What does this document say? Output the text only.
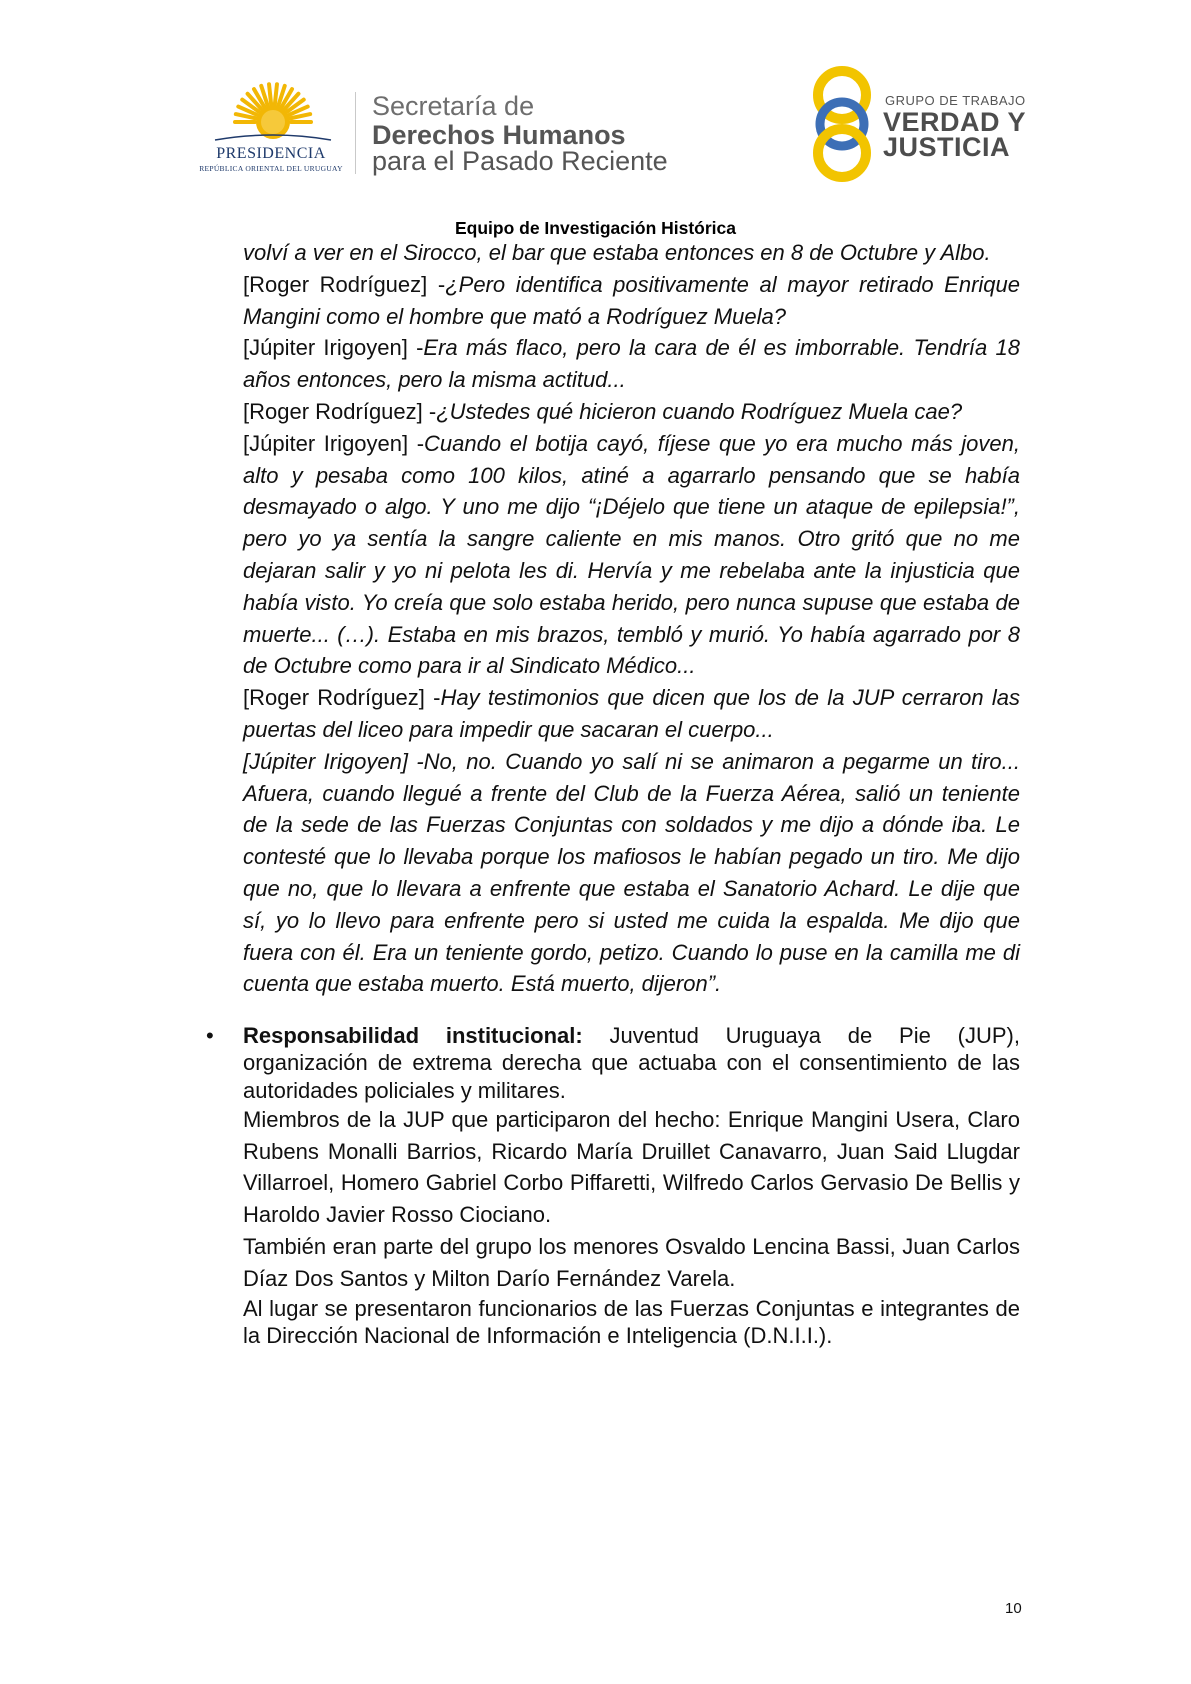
PRESIDENCIA
REPÚBLICA ORIENTAL DEL URUGUAY
Secretaría de
Derechos Humanos
para el Pasado Reciente
GRUPO DE TRABAJO
VERDAD Y
JUSTICIA
Equipo de Investigación Histórica

volví a ver en el Sirocco, el bar que estaba entonces en 8 de Octubre y Albo.

[Roger Rodríguez] -¿Pero identifica positivamente al mayor retirado Enrique Mangini como el hombre que mató a Rodríguez Muela?

[Júpiter Irigoyen] -Era más flaco, pero la cara de él es imborrable. Tendría 18 años entonces, pero la misma actitud...

[Roger Rodríguez] -¿Ustedes qué hicieron cuando Rodríguez Muela cae?

[Júpiter Irigoyen] -Cuando el botija cayó, fíjese que yo era mucho más joven, alto y pesaba como 100 kilos, atiné a agarrarlo pensando que se había desmayado o algo. Y uno me dijo “¡Déjelo que tiene un ataque de epilepsia!”, pero yo ya sentía la sangre caliente en mis manos. Otro gritó que no me dejaran salir y yo ni pelota les di. Hervía y me rebelaba ante la injusticia que había visto. Yo creía que solo estaba herido, pero nunca supuse que estaba de muerte... (…). Estaba en mis brazos, tembló y murió. Yo había agarrado por 8 de Octubre como para ir al Sindicato Médico...

[Roger Rodríguez] -Hay testimonios que dicen que los de la JUP cerraron las puertas del liceo para impedir que sacaran el cuerpo...

[Júpiter Irigoyen] -No, no. Cuando yo salí ni se animaron a pegarme un tiro... Afuera, cuando llegué a frente del Club de la Fuerza Aérea, salió un teniente de la sede de las Fuerzas Conjuntas con soldados y me dijo a dónde iba. Le contesté que lo llevaba porque los mafiosos le habían pegado un tiro. Me dijo que no, que lo llevara a enfrente que estaba el Sanatorio Achard. Le dije que sí, yo lo llevo para enfrente pero si usted me cuida la espalda. Me dijo que fuera con él. Era un teniente gordo, petizo. Cuando lo puse en la camilla me di cuenta que estaba muerto. Está muerto, dijeron”.

• Responsabilidad institucional: Juventud Uruguaya de Pie (JUP), organización de extrema derecha que actuaba con el consentimiento de las autoridades policiales y militares.

Miembros de la JUP que participaron del hecho: Enrique Mangini Usera, Claro Rubens Monalli Barrios, Ricardo María Druillet Canavarro, Juan Said Llugdar Villarroel, Homero Gabriel Corbo Piffaretti, Wilfredo Carlos Gervasio De Bellis y Haroldo Javier Rosso Ciociano.

También eran parte del grupo los menores Osvaldo Lencina Bassi, Juan Carlos Díaz Dos Santos y Milton Darío Fernández Varela.

Al lugar se presentaron funcionarios de las Fuerzas Conjuntas e integrantes de la Dirección Nacional de Información e Inteligencia (D.N.I.I.).

10
